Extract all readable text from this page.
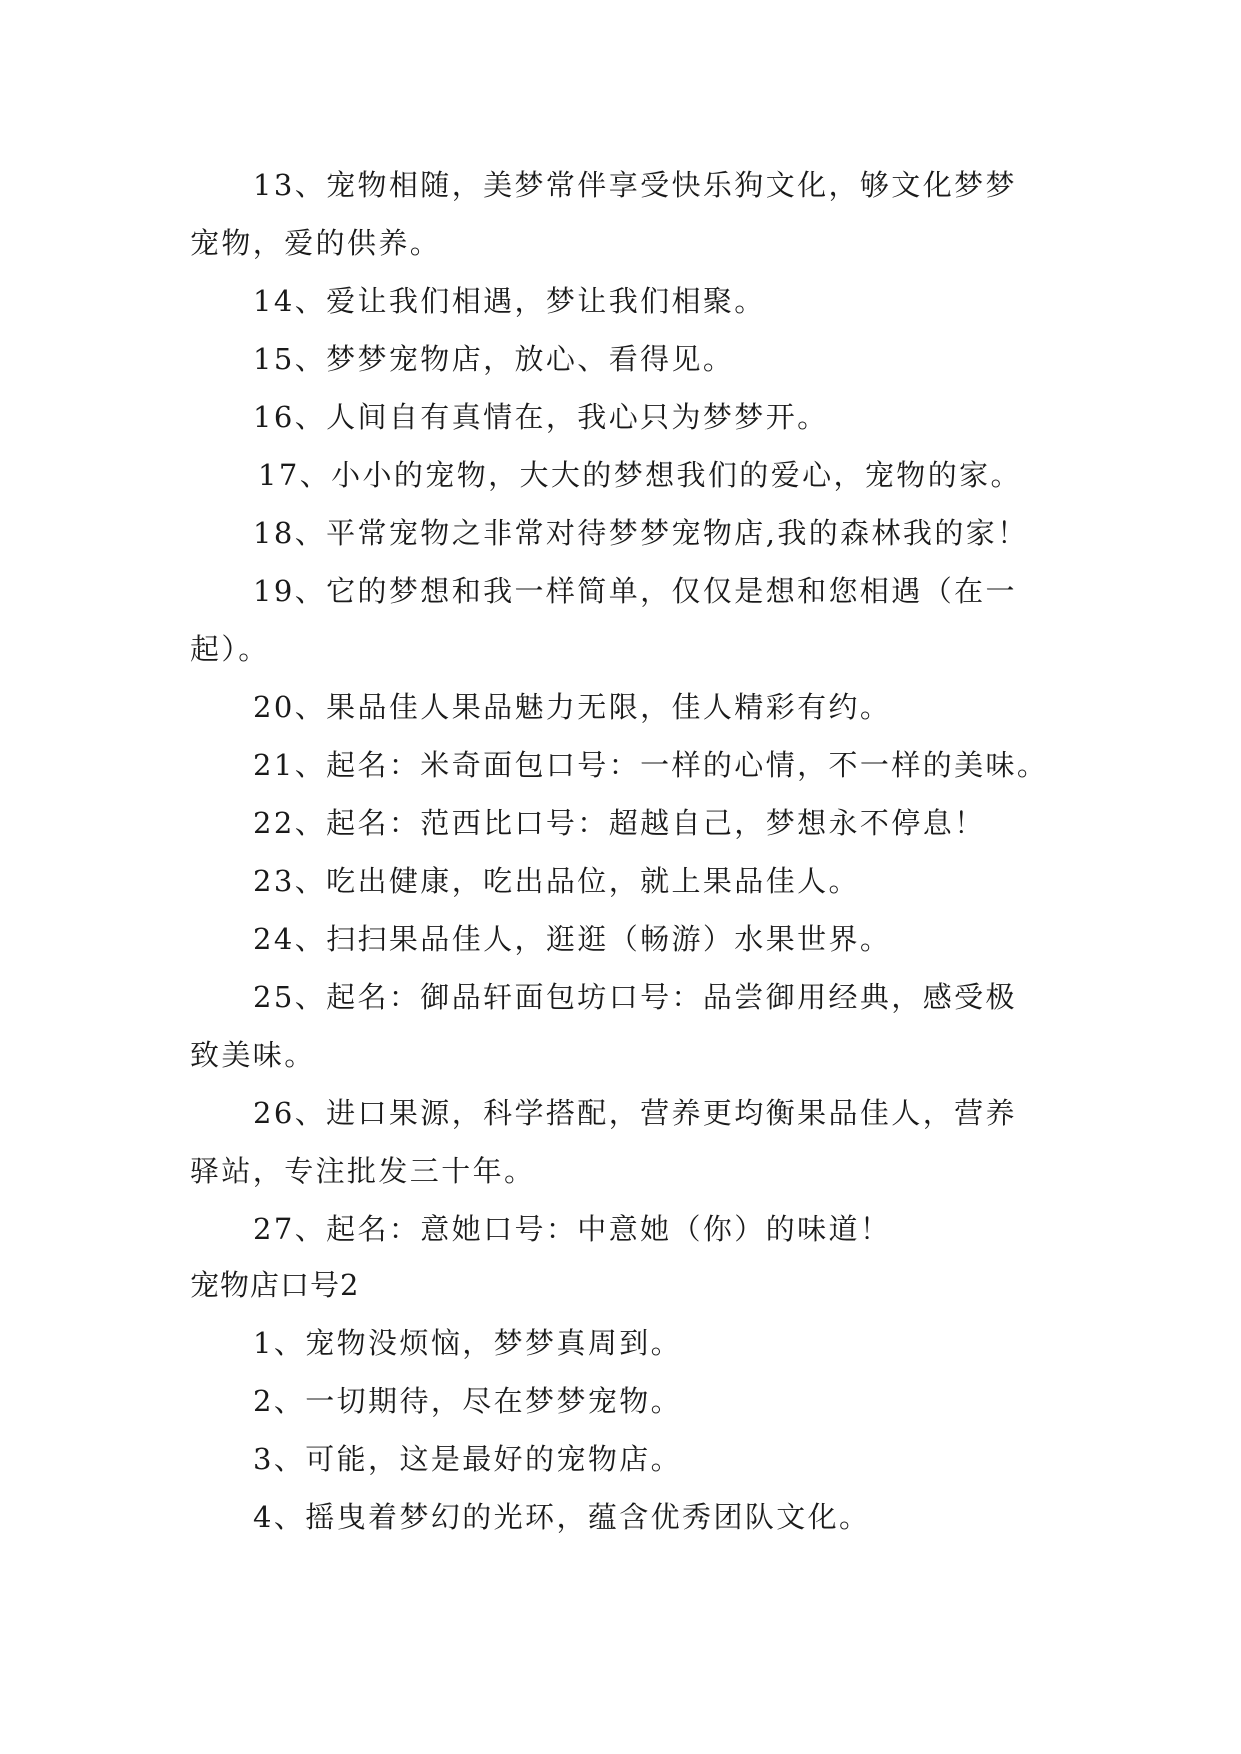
13、宠物相随，美梦常伴享受快乐狗文化，够文化梦梦
宠物，爱的供养。
14、爱让我们相遇，梦让我们相聚。
15、梦梦宠物店，放心、看得见。
16、人间自有真情在，我心只为梦梦开。
17、小小的宠物，大大的梦想我们的爱心，宠物的家。
18、平常宠物之非常对待梦梦宠物店,我的森林我的家！
19、它的梦想和我一样简单，仅仅是想和您相遇（在一
起）。
20、果品佳人果品魅力无限，佳人精彩有约。
21、起名：米奇面包口号：一样的心情，不一样的美味。
22、起名：范西比口号：超越自己，梦想永不停息！
23、吃出健康，吃出品位，就上果品佳人。
24、扫扫果品佳人，逛逛（畅游）水果世界。
25、起名：御品轩面包坊口号：品尝御用经典，感受极
致美味。
26、进口果源，科学搭配，营养更均衡果品佳人，营养
驿站，专注批发三十年。
27、起名：意她口号：中意她（你）的味道！
宠物店口号2
1、宠物没烦恼，梦梦真周到。
2、一切期待，尽在梦梦宠物。
3、可能，这是最好的宠物店。
4、摇曳着梦幻的光环，蕴含优秀团队文化。
